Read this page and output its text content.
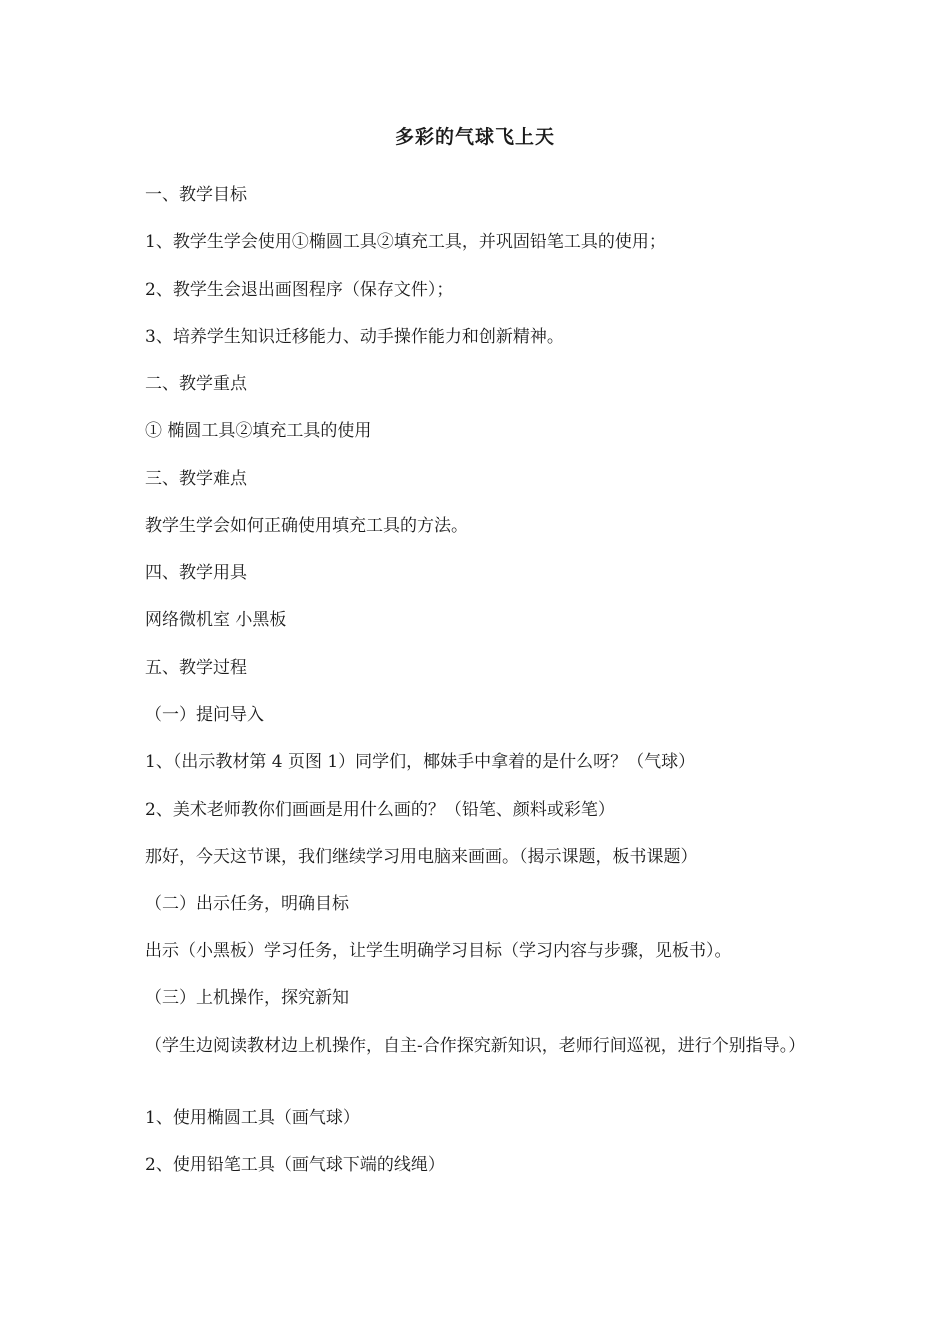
多彩的气球飞上天
一、教学目标
1、教学生学会使用①椭圆工具②填充工具，并巩固铅笔工具的使用；
2、教学生会退出画图程序（保存文件）；
3、培养学生知识迁移能力、动手操作能力和创新精神。
二、教学重点
① 椭圆工具②填充工具的使用
三、教学难点
教学生学会如何正确使用填充工具的方法。
四、教学用具
网络微机室 小黑板
五、教学过程
（一）提问导入
1、（出示教材第 4 页图 1）同学们，椰妹手中拿着的是什么呀？（气球）
2、美术老师教你们画画是用什么画的？（铅笔、颜料或彩笔）
那好，今天这节课，我们继续学习用电脑来画画。（揭示课题，板书课题）
（二）出示任务，明确目标
出示（小黑板）学习任务，让学生明确学习目标（学习内容与步骤，见板书）。
（三）上机操作，探究新知
（学生边阅读教材边上机操作，自主-合作探究新知识，老师行间巡视，进行个别指导。）
1、使用椭圆工具（画气球）
2、使用铅笔工具（画气球下端的线绳）
